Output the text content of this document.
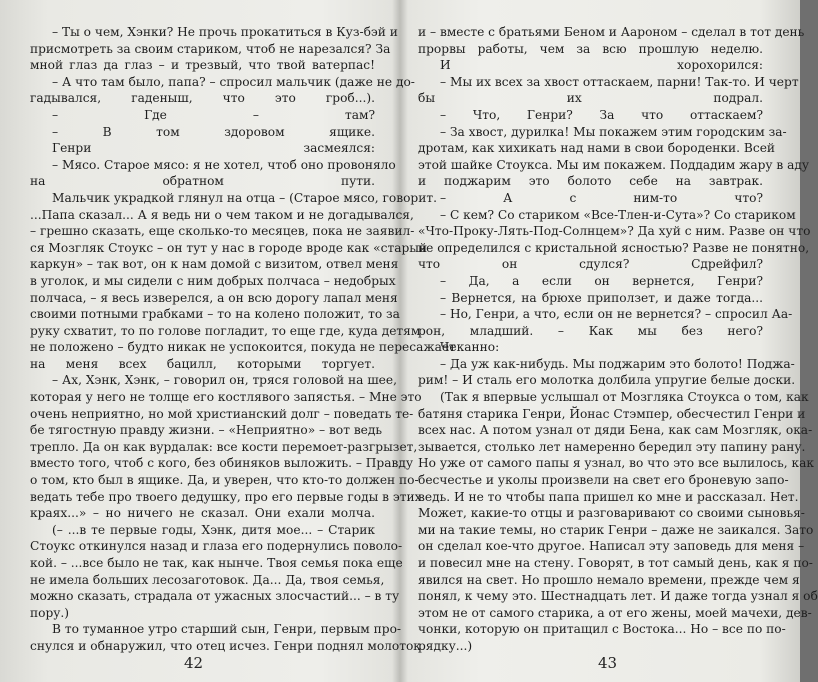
– Ты о чем, Хэнки? Не прочь прокатиться в Куз-бэй и
присмотреть за своим стариком, чтоб не нарезался? За
мной глаз да глаз – и трезвый, что твой ватерпас!
– А что там было, папа? – спросил мальчик (даже не до-
гадывался, гаденыш, что это гроб...).
– Где – там?
– В том здоровом ящике.
Генри засмеялся:
– Мясо. Старое мясо: я не хотел, чтоб оно провоняло
на обратном пути.
Мальчик украдкой глянул на отца – (Старое мясо, говорит.
...Папа сказал... А я ведь ни о чем таком и не догадывался,
– грешно сказать, еще сколько-то месяцев, пока не заявил-
ся Мозгляк Стоукс – он тут у нас в городе вроде как «старый
каркун» – так вот, он к нам домой с визитом, отвел меня
в уголок, и мы сидели с ним добрых полчаса – недобрых
полчаса, – я весь изверелся, а он всю дорогу лапал меня
своими потными грабками – то на колено положит, то за
руку схватит, то по голове погладит, то еще где, куда детям
не положено – будто никак не успокоится, покуда не пересажает
на меня всех бацилл, которыми торгует.
– Ах, Хэнк, Хэнк, – говорил он, тряся головой на шее,
которая у него не толще его костлявого запястья. – Мне это
очень неприятно, но мой христианский долг – поведать те-
бе тягостную правду жизни. – «Неприятно» – вот ведь
трепло. Да он как вурдалак: все кости перемоет-разгрызет,
вместо того, чтоб с кого, без обиняков выложить. – Правду
о том, кто был в ящике. Да, и уверен, что кто-то должен по-
ведать тебе про твоего дедушку, про его первые годы в этих
краях...» – но ничего не сказал. Они ехали молча.
(– ...в те первые годы, Хэнк, дитя мое... – Старик
Стоукс откинулся назад и глаза его подернулись поволо-
кой. – ...все было не так, как нынче. Твоя семья пока еще
не имела больших лесозаготовок. Да... Да, твоя семья,
можно сказать, страдала от ужасных злосчастий... – в ту
пору.)
В то туманное утро старший сын, Генри, первым про-
снулся и обнаружил, что отец исчез. Генри поднял молоток
и – вместе с братьями Беном и Аароном – сделал в тот день
прорвы работы, чем за всю прошлую неделю.
И хорохорился:
– Мы их всех за хвост оттаскаем, парни! Так-то. И черт
бы их подрал.
– Что, Генри? За что оттаскаем?
– За хвост, дурилка! Мы покажем этим городским за-
дротам, как хихикать над нами в свои бороденки. Всей
этой шайке Стоукса. Мы им покажем. Поддадим жару в аду
и поджарим это болото себе на завтрак.
– А с ним-то что?
– С кем? Со стариком «Все-Тлен-и-Сута»? Со стариком
«Что-Проку-Лять-Под-Солнцем»? Да хуй с ним. Разве он что
не определился с кристальной ясностью? Разве не понятно,
что он сдулся? Сдрейфил?
– Да, а если он вернется, Генри?
– Вернется, на брюхе приползет, и даже тогда...
– Но, Генри, а что, если он не вернется? – спросил Аа-
рон, младший. – Как мы без него?
Чеканно:
– Да уж как-нибудь. Мы поджарим это болото! Поджа-
рим! – И сталь его молотка долбила упругие белые доски.
(Так я впервые услышал от Мозгляка Стоукса о том, как
батяня старика Генри, Йонас Стэмпер, обесчестил Генри и
всех нас. А потом узнал от дяди Бена, как сам Мозгляк, ока-
зывается, столько лет намеренно бередил эту папину рану.
Но уже от самого папы я узнал, во что это все вылилось, как
бесчестье и уколы произвели на свет его броневую запо-
ведь. И не то чтобы папа пришел ко мне и рассказал. Нет.
Может, какие-то отцы и разговаривают со своими сыновья-
ми на такие темы, но старик Генри – даже не заикался. Зато
он сделал кое-что другое. Написал эту заповедь для меня –
и повесил мне на стену. Говорят, в тот самый день, как я по-
явился на свет. Но прошло немало времени, прежде чем я
понял, к чему это. Шестнадцать лет. И даже тогда узнал я об
этом не от самого старика, а от его жены, моей мачехи, дев-
чонки, которую он притащил с Востока... Но – все по по-
рядку...)
42	43
